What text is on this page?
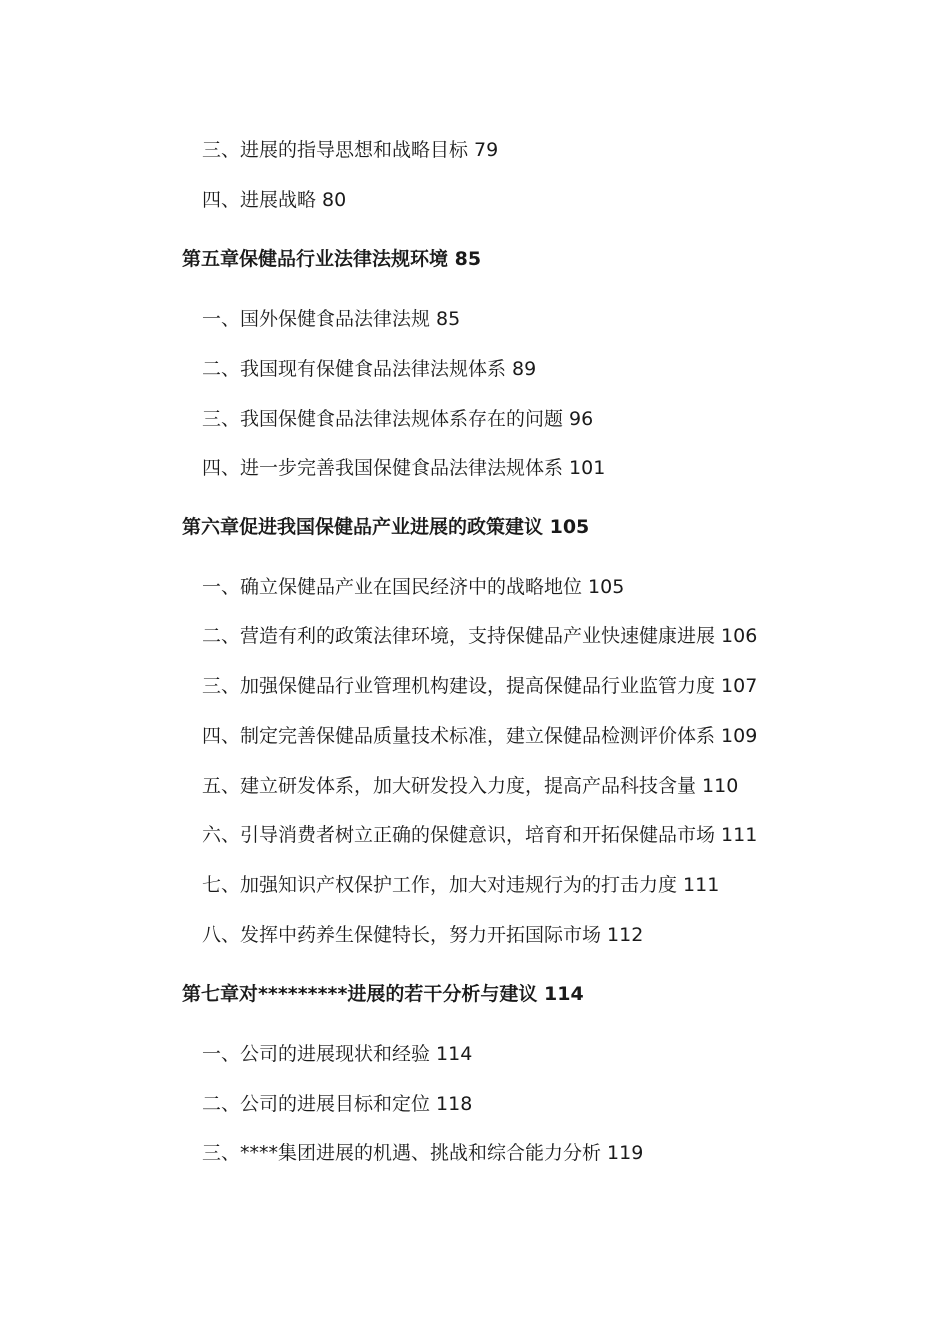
三、进展的指导思想和战略目标 79
四、进展战略 80
第五章保健品行业法律法规环境 85
一、国外保健食品法律法规 85
二、我国现有保健食品法律法规体系 89
三、我国保健食品法律法规体系存在的问题 96
四、进一步完善我国保健食品法律法规体系 101
第六章促进我国保健品产业进展的政策建议 105
一、确立保健品产业在国民经济中的战略地位 105
二、营造有利的政策法律环境，支持保健品产业快速健康进展 106
三、加强保健品行业管理机构建设，提高保健品行业监管力度 107
四、制定完善保健品质量技术标准，建立保健品检测评价体系 109
五、建立研发体系，加大研发投入力度，提高产品科技含量 110
六、引导消费者树立正确的保健意识，培育和开拓保健品市场 111
七、加强知识产权保护工作，加大对违规行为的打击力度 111
八、发挥中药养生保健特长，努力开拓国际市场 112
第七章对*********进展的若干分析与建议 114
一、公司的进展现状和经验 114
二、公司的进展目标和定位 118
三、****集团进展的机遇、挑战和综合能力分析 119
